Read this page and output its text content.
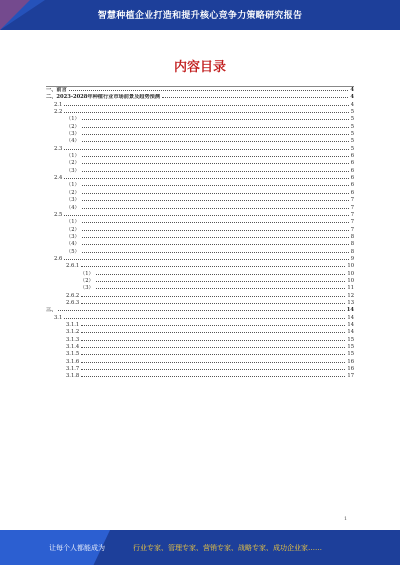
智慧种植企业打造和提升核心竞争力策略研究报告
内容目录
一、前言	4
二、2023-2028年种植行业市场前景及趋势预测	4
2.1	4
2.2	5
（1）	5
（2）	5
（3）	5
（4）	5
2.3	5
（1）	6
（2）	6
（3）	6
2.4	6
（1）	6
（2）	6
（3）	7
（4）	7
2.5	7
（1）	7
（2）	7
（3）	8
（4）	8
（5）	8
2.6	9
2.6.1	10
（1）	10
（2）	10
（3）	11
2.6.2	12
2.6.3	13
三、	14
3.1	14
3.1.1	14
3.1.2	14
3.1.3	15
3.1.4	15
3.1.5	15
3.1.6	16
3.1.7	16
3.1.8	17
1
让每个人都能成为	行业专家、管理专家、营销专家、战略专家、成功企业家……
